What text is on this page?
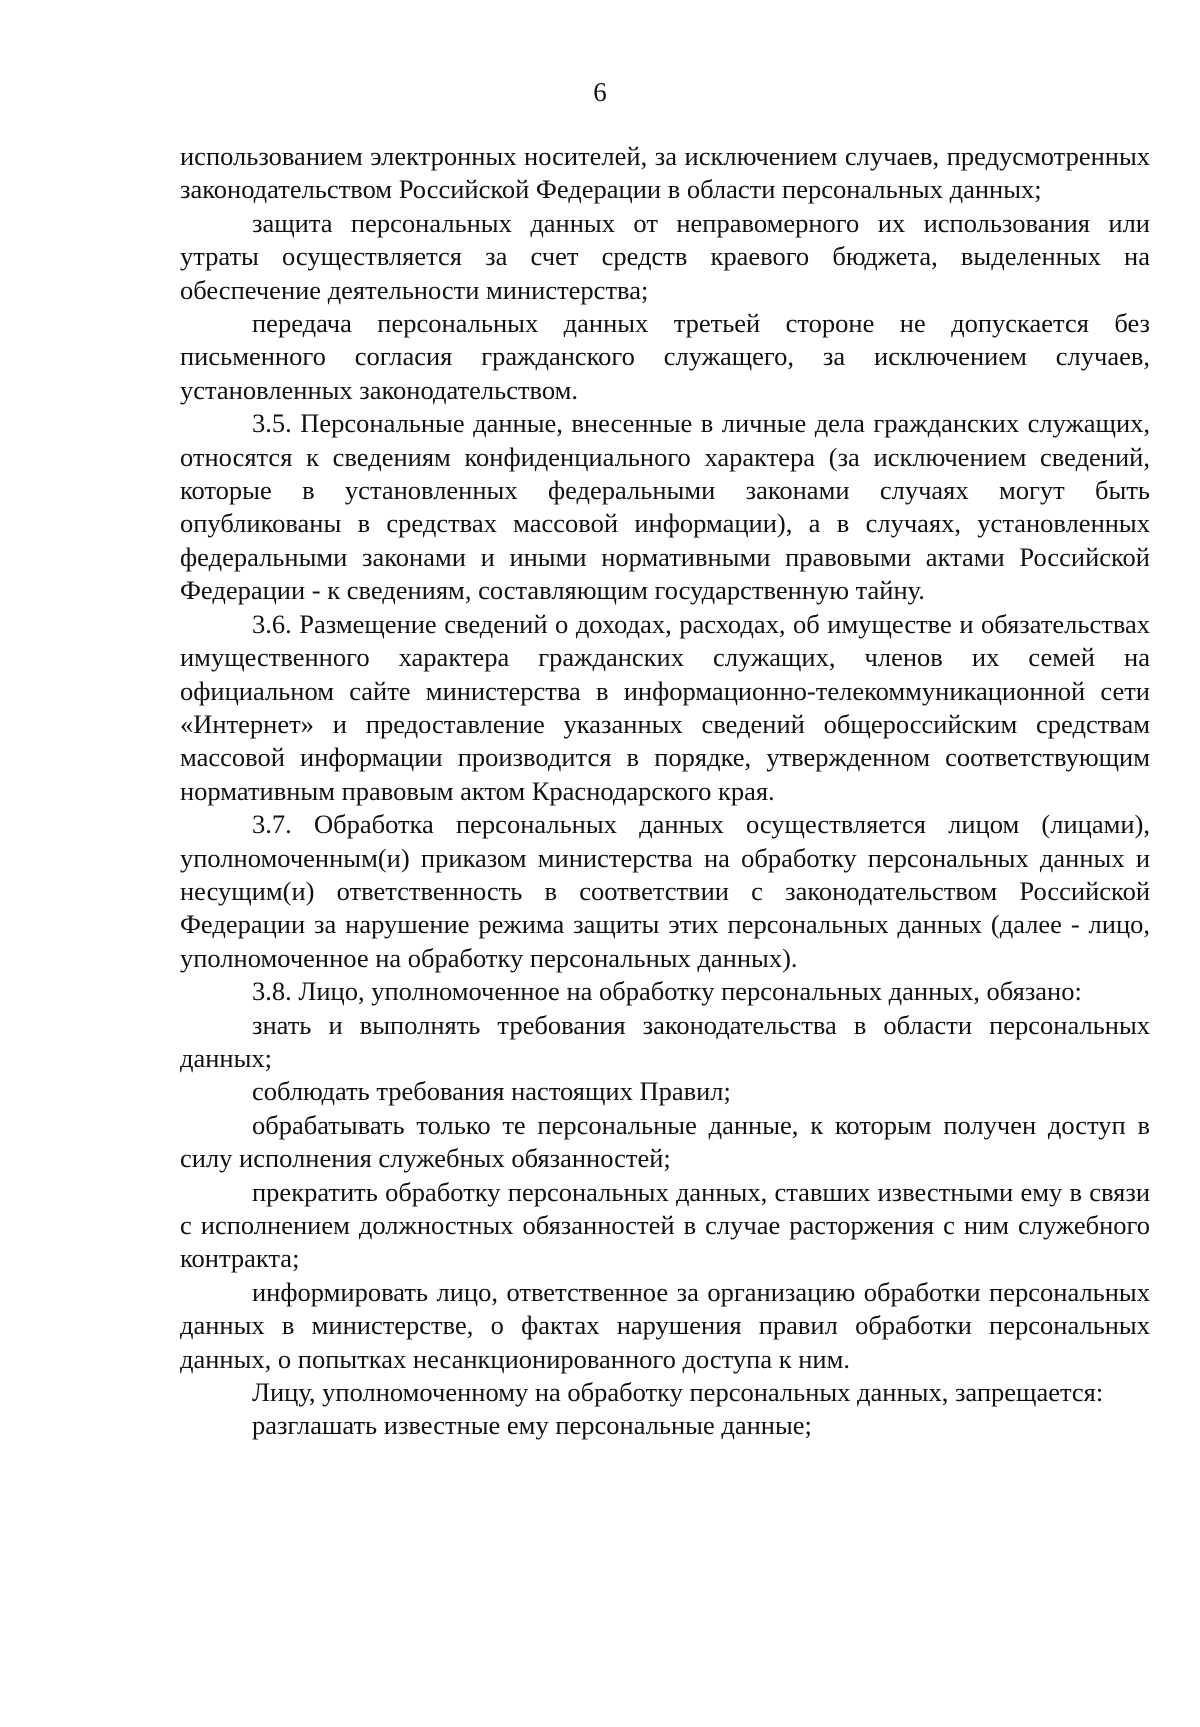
6

использованием электронных носителей, за исключением случаев, предусмотренных законодательством Российской Федерации в области персональных данных;

защита персональных данных от неправомерного их использования или утраты осуществляется за счет средств краевого бюджета, выделенных на обеспечение деятельности министерства;

передача персональных данных третьей стороне не допускается без письменного согласия гражданского служащего, за исключением случаев, установленных законодательством.

3.5. Персональные данные, внесенные в личные дела гражданских служащих, относятся к сведениям конфиденциального характера (за исключением сведений, которые в установленных федеральными законами случаях могут быть опубликованы в средствах массовой информации), а в случаях, установленных федеральными законами и иными нормативными правовыми актами Российской Федерации - к сведениям, составляющим государственную тайну.

3.6. Размещение сведений о доходах, расходах, об имуществе и обязательствах имущественного характера гражданских служащих, членов их семей на официальном сайте министерства в информационно-телекоммуникационной сети «Интернет» и предоставление указанных сведений общероссийским средствам массовой информации производится в порядке, утвержденном соответствующим нормативным правовым актом Краснодарского края.

3.7. Обработка персональных данных осуществляется лицом (лицами), уполномоченным(и) приказом министерства на обработку персональных данных и несущим(и) ответственность в соответствии с законодательством Российской Федерации за нарушение режима защиты этих персональных данных (далее - лицо, уполномоченное на обработку персональных данных).

3.8. Лицо, уполномоченное на обработку персональных данных, обязано:

знать и выполнять требования законодательства в области персональных данных;

соблюдать требования настоящих Правил;

обрабатывать только те персональные данные, к которым получен доступ в силу исполнения служебных обязанностей;

прекратить обработку персональных данных, ставших известными ему в связи с исполнением должностных обязанностей в случае расторжения с ним служебного контракта;

информировать лицо, ответственное за организацию обработки персональных данных в министерстве, о фактах нарушения правил обработки персональных данных, о попытках несанкционированного доступа к ним.

Лицу, уполномоченному на обработку персональных данных, запрещается:

разглашать известные ему персональные данные;
